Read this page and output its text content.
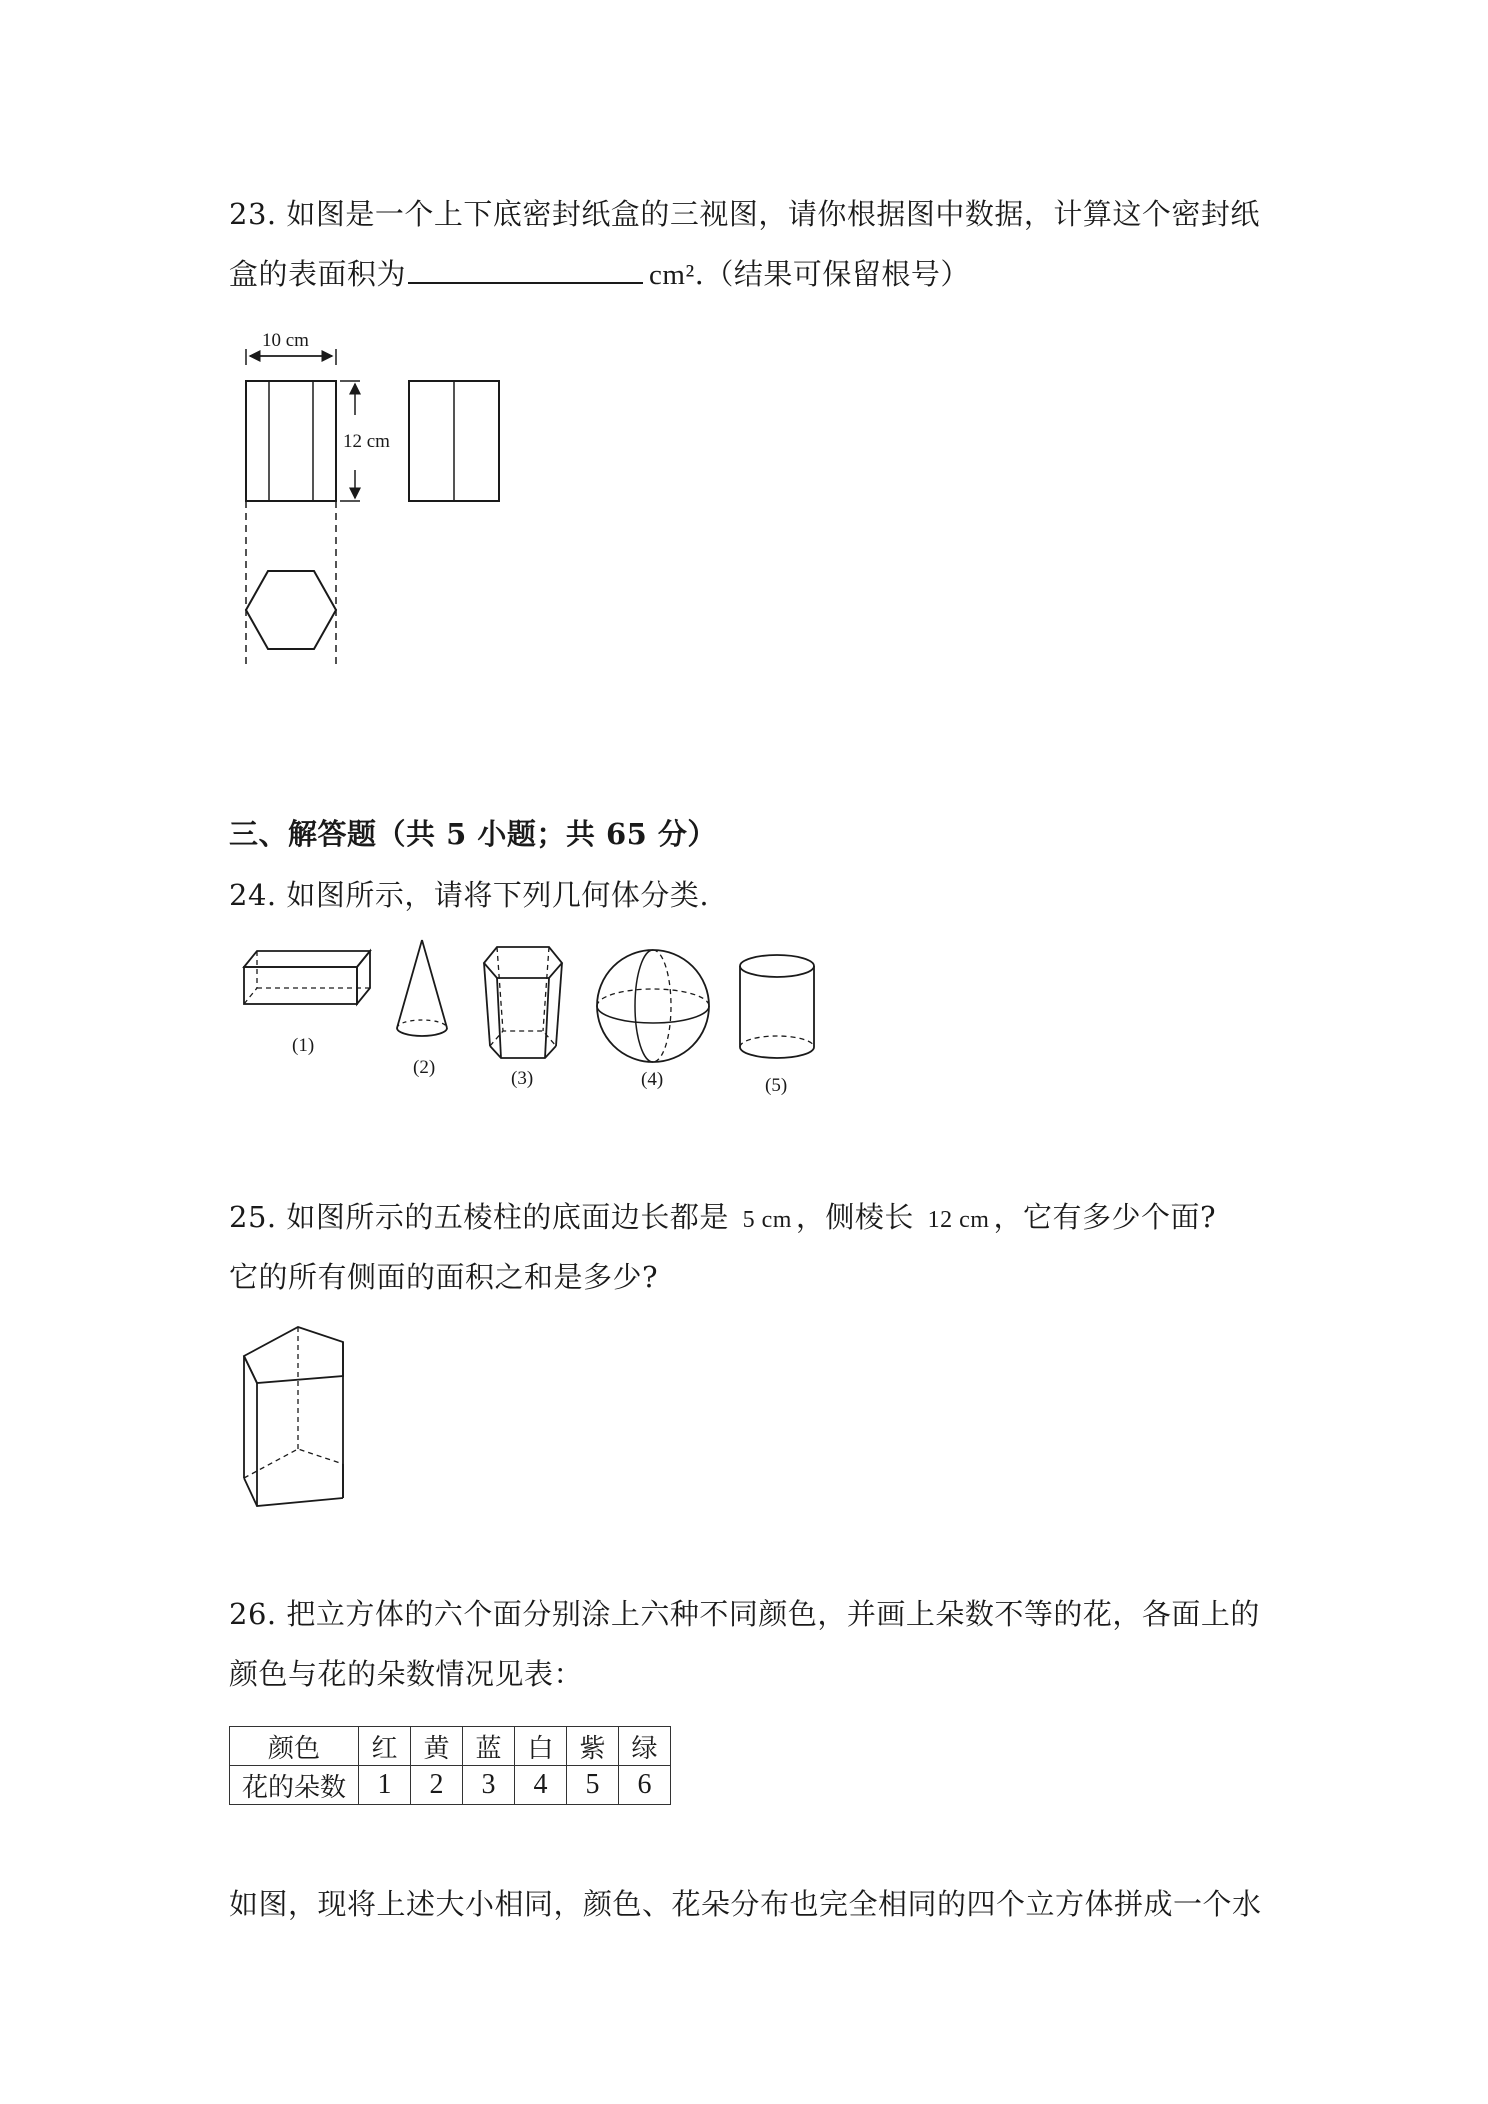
23. 如图是一个上下底密封纸盒的三视图，请你根据图中数据，计算这个密封纸
盒的表面积为	cm².（结果可保留根号）
10 cm
12 cm
三、解答题（共 5 小题；共 65 分）
24. 如图所示，请将下列几何体分类.
(1)
(2)
(3)	(4)	(5)
25. 如图所示的五棱柱的底面边长都是 5 cm ，侧棱长 12 cm ，它有多少个面?
它的所有侧面的面积之和是多少?
26. 把立方体的六个面分别涂上六种不同颜色，并画上朵数不等的花，各面上的
颜色与花的朵数情况见表：
颜色	红	黄	蓝	白	紫	绿
花的朵数	1	2	3	4	5	6
如图，现将上述大小相同，颜色、花朵分布也完全相同的四个立方体拼成一个水
